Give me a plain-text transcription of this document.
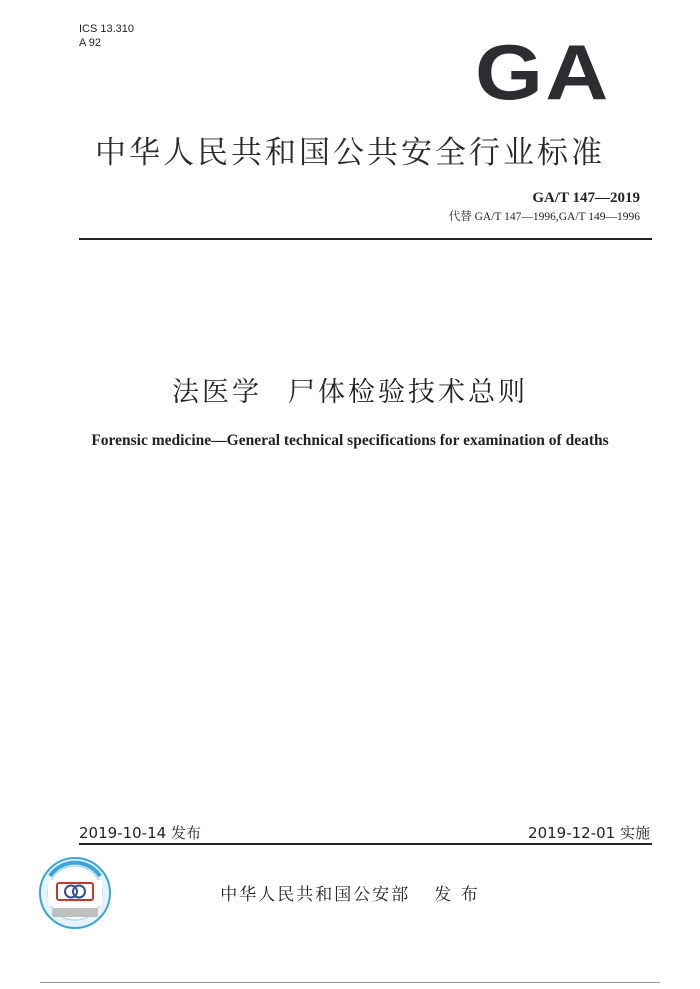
ICS 13.310
A 92	GA
中华人民共和国公共安全行业标准
GA/T 147—2019
代替 GA/T 147—1996,GA/T 149—1996
法医学 尸体检验技术总则
Forensic medicine—General technical specifications for examination of deaths
2019-10-14 发布	2019-12-01 实施
中华人民共和国公安部 发 布
